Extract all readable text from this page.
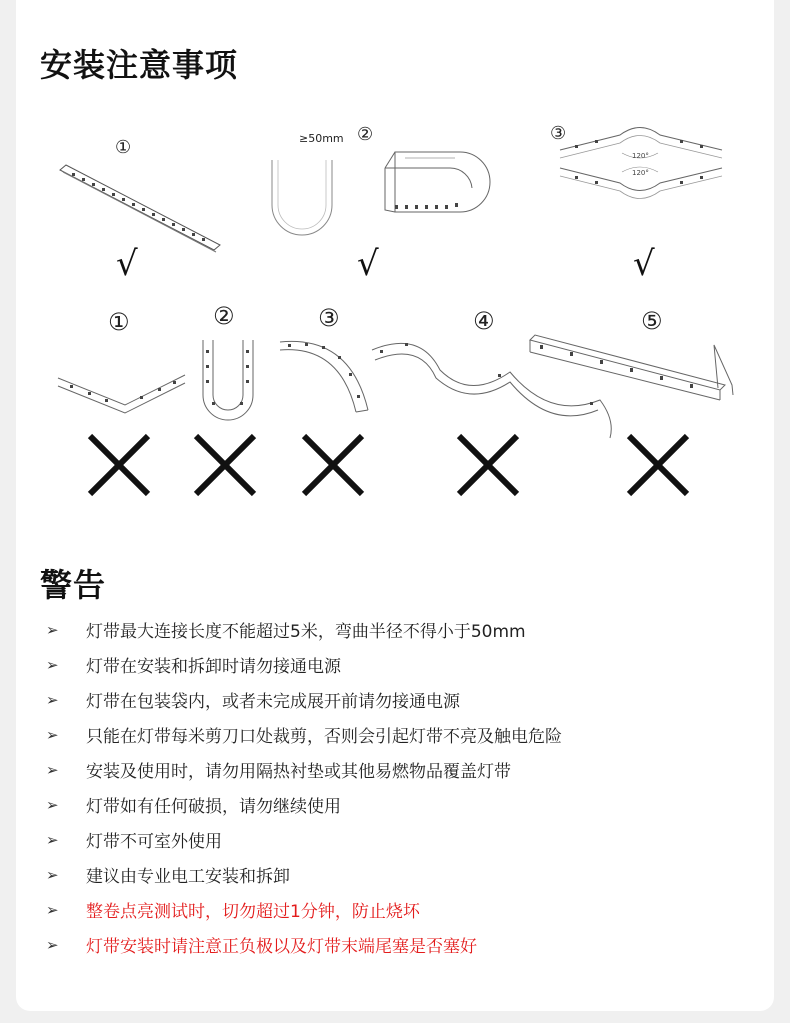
安装注意事项
①
√
≥50mm ②
√
③
120°
120°
√
①	②	③	④	⑤
警告
➢	灯带最大连接长度不能超过5米，弯曲半径不得小于50mm
➢	灯带在安装和拆卸时请勿接通电源
➢	灯带在包装袋内，或者未完成展开前请勿接通电源
➢	只能在灯带每米剪刀口处裁剪，否则会引起灯带不亮及触电危险
➢	安装及使用时，请勿用隔热衬垫或其他易燃物品覆盖灯带
➢	灯带如有任何破损，请勿继续使用
➢	灯带不可室外使用
➢	建议由专业电工安装和拆卸
➢	整卷点亮测试时，切勿超过1分钟，防止烧坏
➢	灯带安装时请注意正负极以及灯带末端尾塞是否塞好
